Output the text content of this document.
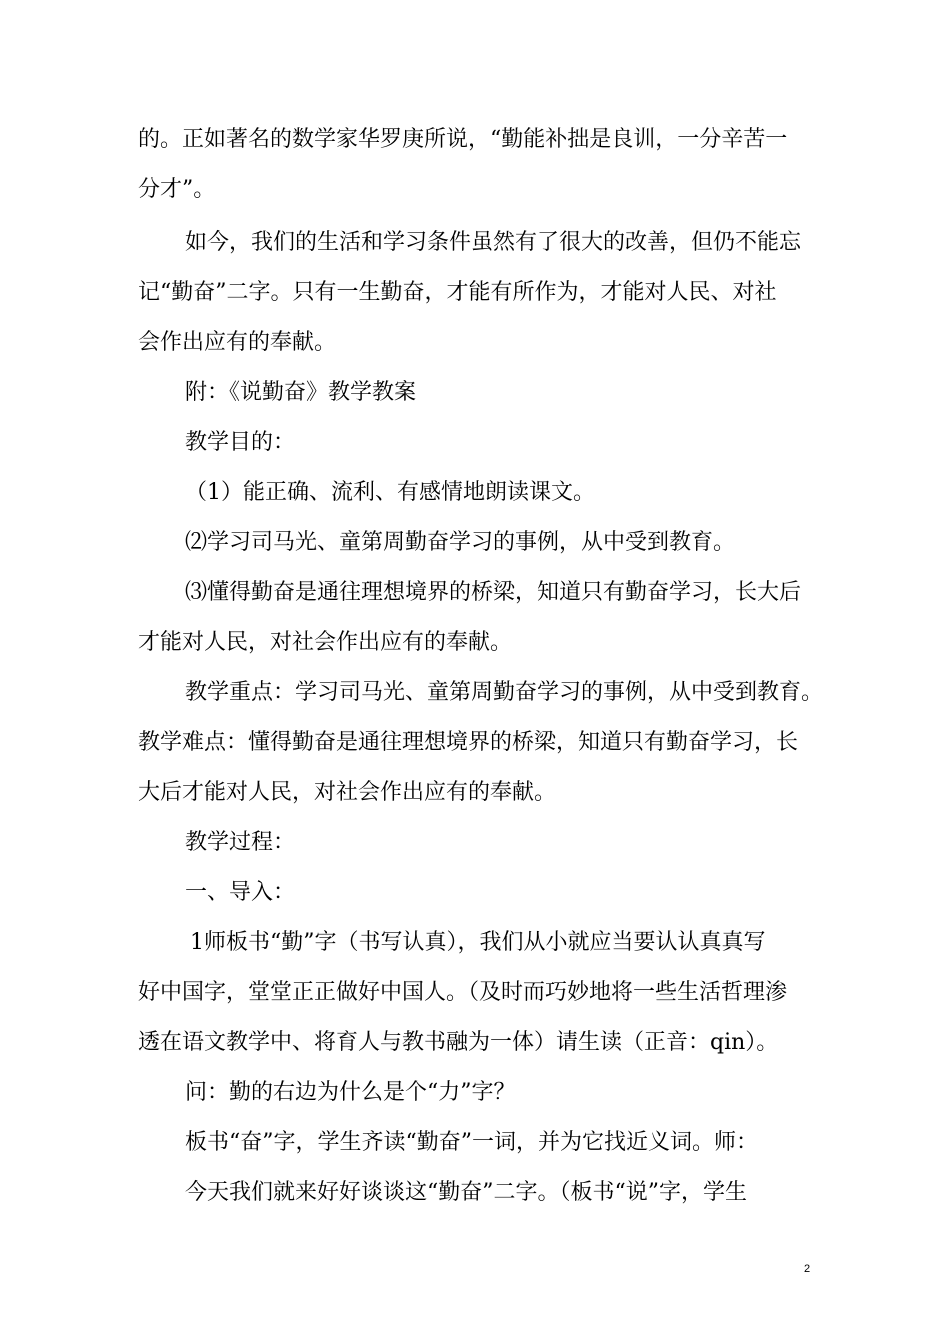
的。正如著名的数学家华罗庚所说，“勤能补拙是良训，一分辛苦一
分才”。
如今，我们的生活和学习条件虽然有了很大的改善，但仍不能忘
记“勤奋”二字。只有一生勤奋，才能有所作为，才能对人民、对社
会作出应有的奉献。
附：《说勤奋》教学教案
教学目的：
（1）能正确、流利、有感情地朗读课文。
⑵学习司马光、童第周勤奋学习的事例，从中受到教育。
⑶懂得勤奋是通往理想境界的桥梁，知道只有勤奋学习，长大后
才能对人民，对社会作出应有的奉献。
教学重点：学习司马光、童第周勤奋学习的事例，从中受到教育。
教学难点：懂得勤奋是通往理想境界的桥梁，知道只有勤奋学习，长
大后才能对人民，对社会作出应有的奉献。
教学过程：
一、导入：
1师板书“勤”字（书写认真），我们从小就应当要认认真真写
好中国字，堂堂正正做好中国人。（及时而巧妙地将一些生活哲理渗
透在语文教学中、将育人与教书融为一体）请生读（正音：qin）。
问：勤的右边为什么是个“力”字？
板书“奋”字，学生齐读“勤奋”一词，并为它找近义词。师：
今天我们就来好好谈谈这“勤奋”二字。（板书“说”字，学生
2
